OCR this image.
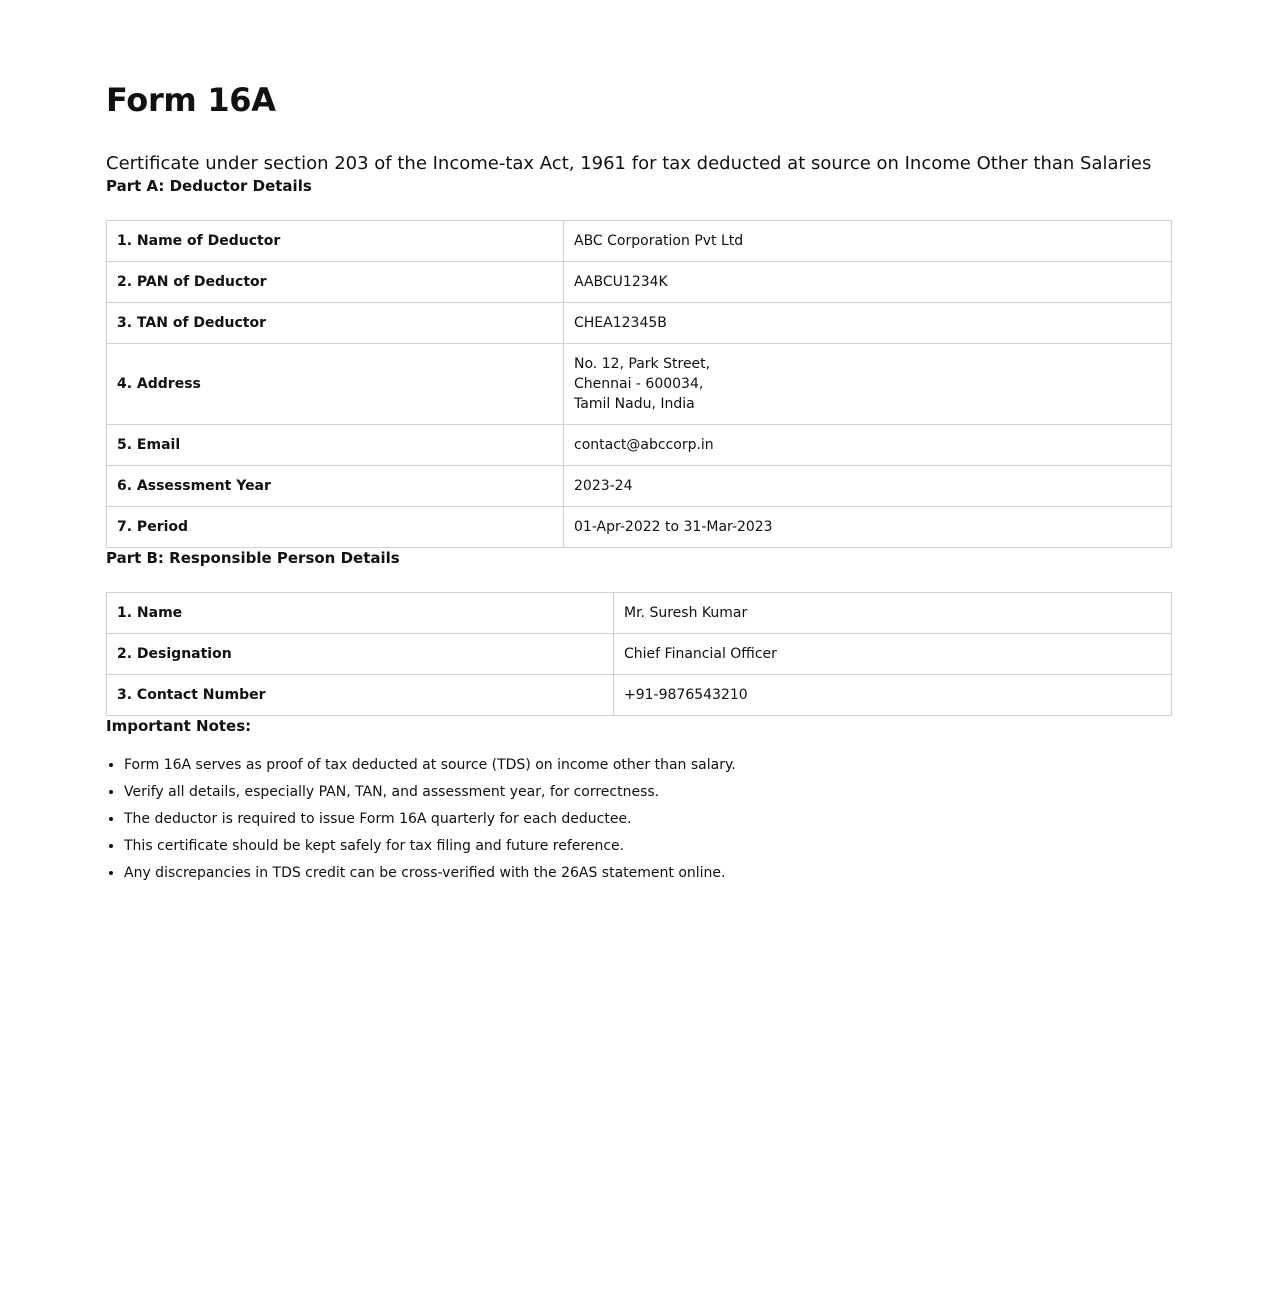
Form 16A

Certificate under section 203 of the Income-tax Act, 1961 for tax deducted at source on Income Other than Salaries

Part A: Deductor Details
1. Name of Deductor	ABC Corporation Pvt Ltd
2. PAN of Deductor	AABCU1234K
3. TAN of Deductor	CHEA12345B
4. Address	No. 12, Park Street,
Chennai - 600034,
Tamil Nadu, India

5. Email	contact@abccorp.in
6. Assessment Year	2023-24
7. Period	01-Apr-2022 to 31-Mar-2023
Part B: Responsible Person Details
1. Name	Mr. Suresh Kumar
2. Designation	Chief Financial Officer
3. Contact Number	+91-9876543210
Important Notes:
• Form 16A serves as proof of tax deducted at source (TDS) on income other than salary.
• Verify all details, especially PAN, TAN, and assessment year, for correctness.
• The deductor is required to issue Form 16A quarterly for each deductee.
• This certificate should be kept safely for tax filing and future reference.
• Any discrepancies in TDS credit can be cross-verified with the 26AS statement online.
